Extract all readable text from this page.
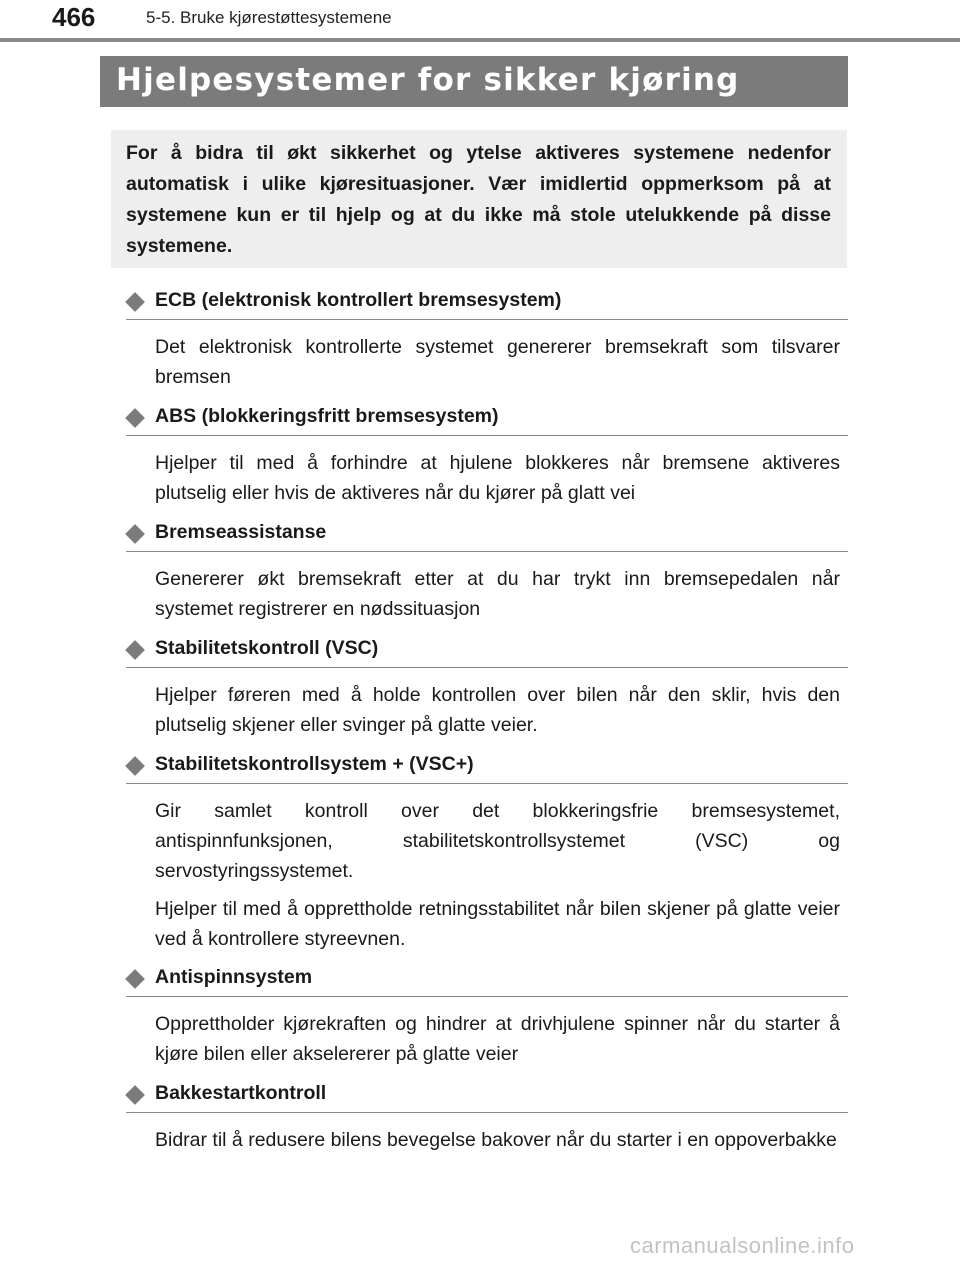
466	5-5. Bruke kjørestøttesystemene
Hjelpesystemer for sikker kjøring
For å bidra til økt sikkerhet og ytelse aktiveres systemene nedenfor automatisk i ulike kjøresituasjoner. Vær imidlertid oppmerksom på at systemene kun er til hjelp og at du ikke må stole utelukkende på disse systemene.
ECB (elektronisk kontrollert bremsesystem)

Det elektronisk kontrollerte systemet genererer bremsekraft som tilsvarer bremsen

ABS (blokkeringsfritt bremsesystem)

Hjelper til med å forhindre at hjulene blokkeres når bremsene aktiveres plutselig eller hvis de aktiveres når du kjører på glatt vei

Bremseassistanse

Genererer økt bremsekraft etter at du har trykt inn bremsepedalen når systemet registrerer en nødssituasjon

Stabilitetskontroll (VSC)

Hjelper føreren med å holde kontrollen over bilen når den sklir, hvis den plutselig skjener eller svinger på glatte veier.

Stabilitetskontrollsystem + (VSC+)

Gir samlet kontroll over det blokkeringsfrie bremsesystemet, antispinnfunksjonen, stabilitetskontrollsystemet (VSC) og servostyringssystemet.

Hjelper til med å opprettholde retningsstabilitet når bilen skjener på glatte veier ved å kontrollere styreevnen.

Antispinnsystem

Opprettholder kjørekraften og hindrer at drivhjulene spinner når du starter å kjøre bilen eller akselererer på glatte veier

Bakkestartkontroll

Bidrar til å redusere bilens bevegelse bakover når du starter i en oppoverbakke

carmanualsonline.info
